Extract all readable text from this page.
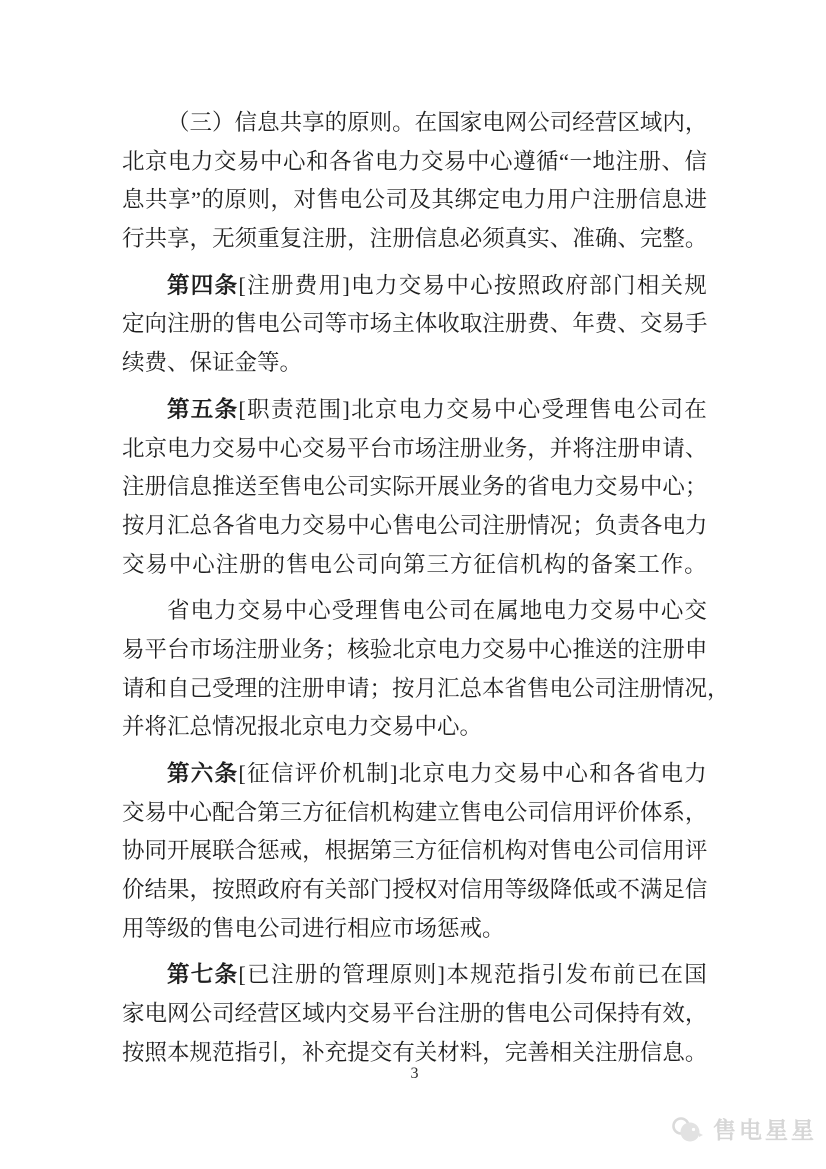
（ 三 ） 信 息 共 享 的 原 则 。 在 国 家 电 网 公 司 经 营 区 域 内 ，
北 京 电 力 交 易 中 心 和 各 省 电 力 交 易 中 心 遵 循 “ 一 地 注 册 、 信
息 共 享 ” 的 原 则 ， 对 售 电 公 司 及 其 绑 定 电 力 用 户 注 册 信 息 进
行 共 享 ， 无 须 重 复 注 册 ， 注 册 信 息 必 须 真 实 、 准 确 、 完 整 。
第 四 条 [ 注 册 费 用 ] 电 力 交 易 中 心 按 照 政 府 部 门 相 关 规
定 向 注 册 的 售 电 公 司 等 市 场 主 体 收 取 注 册 费 、 年 费 、 交 易 手
续费、保证金等。
第 五 条 [ 职 责 范 围 ] 北 京 电 力 交 易 中 心 受 理 售 电 公 司 在
北 京 电 力 交 易 中 心 交 易 平 台 市 场 注 册 业 务 ， 并 将 注 册 申 请 、
注 册 信 息 推 送 至 售 电 公 司 实 际 开 展 业 务 的 省 电 力 交 易 中 心 ；
按 月 汇 总 各 省 电 力 交 易 中 心 售 电 公 司 注 册 情 况 ； 负 责 各 电 力
交 易 中 心 注 册 的 售 电 公 司 向 第 三 方 征 信 机 构 的 备 案 工 作 。
省 电 力 交 易 中 心 受 理 售 电 公 司 在 属 地 电 力 交 易 中 心 交
易 平 台 市 场 注 册 业 务 ； 核 验 北 京 电 力 交 易 中 心 推 送 的 注 册 申
请和自己受理的注册申请；按月汇总本省售电公司注册情况，
并将汇总情况报北京电力交易中心。
第 六 条 [ 征 信 评 价 机 制 ] 北 京 电 力 交 易 中 心 和 各 省 电 力
交 易 中 心 配 合 第 三 方 征 信 机 构 建 立 售 电 公 司 信 用 评 价 体 系 ，
协 同 开 展 联 合 惩 戒 ， 根 据 第 三 方 征 信 机 构 对 售 电 公 司 信 用 评
价 结 果 ， 按 照 政 府 有 关 部 门 授 权 对 信 用 等 级 降 低 或 不 满 足 信
用等级的售电公司进行相应市场惩戒。
第 七 条 [ 已 注 册 的 管 理 原 则 ] 本 规 范 指 引 发 布 前 已 在 国
家 电 网 公 司 经 营 区 域 内 交 易 平 台 注 册 的 售 电 公 司 保 持 有 效 ，
按 照 本 规 范 指 引 ， 补 充 提 交 有 关 材 料 ， 完 善 相 关 注 册 信 息 。
3
售电星星
